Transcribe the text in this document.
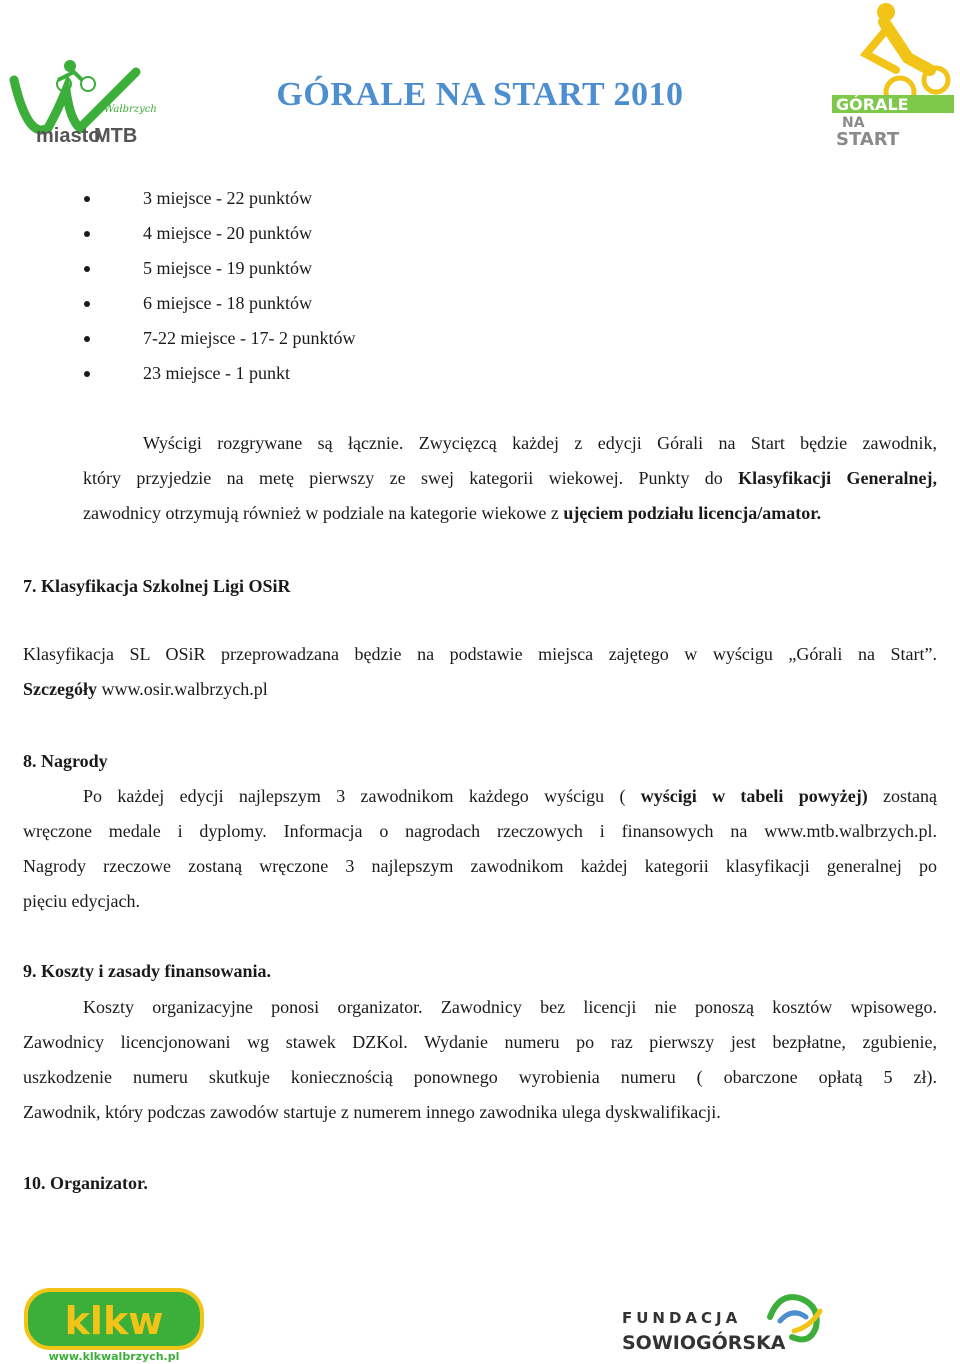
Wałbrzych
miasto
MTB
GÓRALE NA START 2010	GÓRALE
NA
START
3 miejsce - 22 punktów
4 miejsce - 20 punktów
5 miejsce - 19 punktów
6 miejsce - 18 punktów
7-22 miejsce - 17- 2 punktów
23 miejsce - 1 punkt
Wyścigi rozgrywane są łącznie. Zwycięzcą każdej z edycji Górali na Start będzie zawodnik,
który przyjedzie na metę pierwszy ze swej kategorii wiekowej. Punkty do Klasyfikacji Generalnej,
zawodnicy otrzymują również w podziale na kategorie wiekowe z ujęciem podziału licencja/amator.
7. Klasyfikacja Szkolnej Ligi OSiR
Klasyfikacja SL OSiR przeprowadzana będzie na podstawie miejsca zajętego w wyścigu „Górali na Start”.
Szczegóły www.osir.walbrzych.pl
8. Nagrody
Po każdej edycji najlepszym 3 zawodnikom każdego wyścigu ( wyścigi w tabeli powyżej) zostaną
wręczone medale i dyplomy. Informacja o nagrodach rzeczowych i finansowych na www.mtb.walbrzych.pl.
Nagrody rzeczowe zostaną wręczone 3 najlepszym zawodnikom każdej kategorii klasyfikacji generalnej po
pięciu edycjach.
9. Koszty i zasady finansowania.
Koszty organizacyjne ponosi organizator. Zawodnicy bez licencji nie ponoszą kosztów wpisowego.
Zawodnicy licencjonowani wg stawek DZKol. Wydanie numeru po raz pierwszy jest bezpłatne, zgubienie,
uszkodzenie numeru skutkuje koniecznością ponownego wyrobienia numeru ( obarczone opłatą 5 zł).
Zawodnik, który podczas zawodów startuje z numerem innego zawodnika ulega dyskwalifikacji.
10. Organizator.
klkw
www.klkwalbrzych.pl
FUNDACJA
SOWIOGÓRSKA
